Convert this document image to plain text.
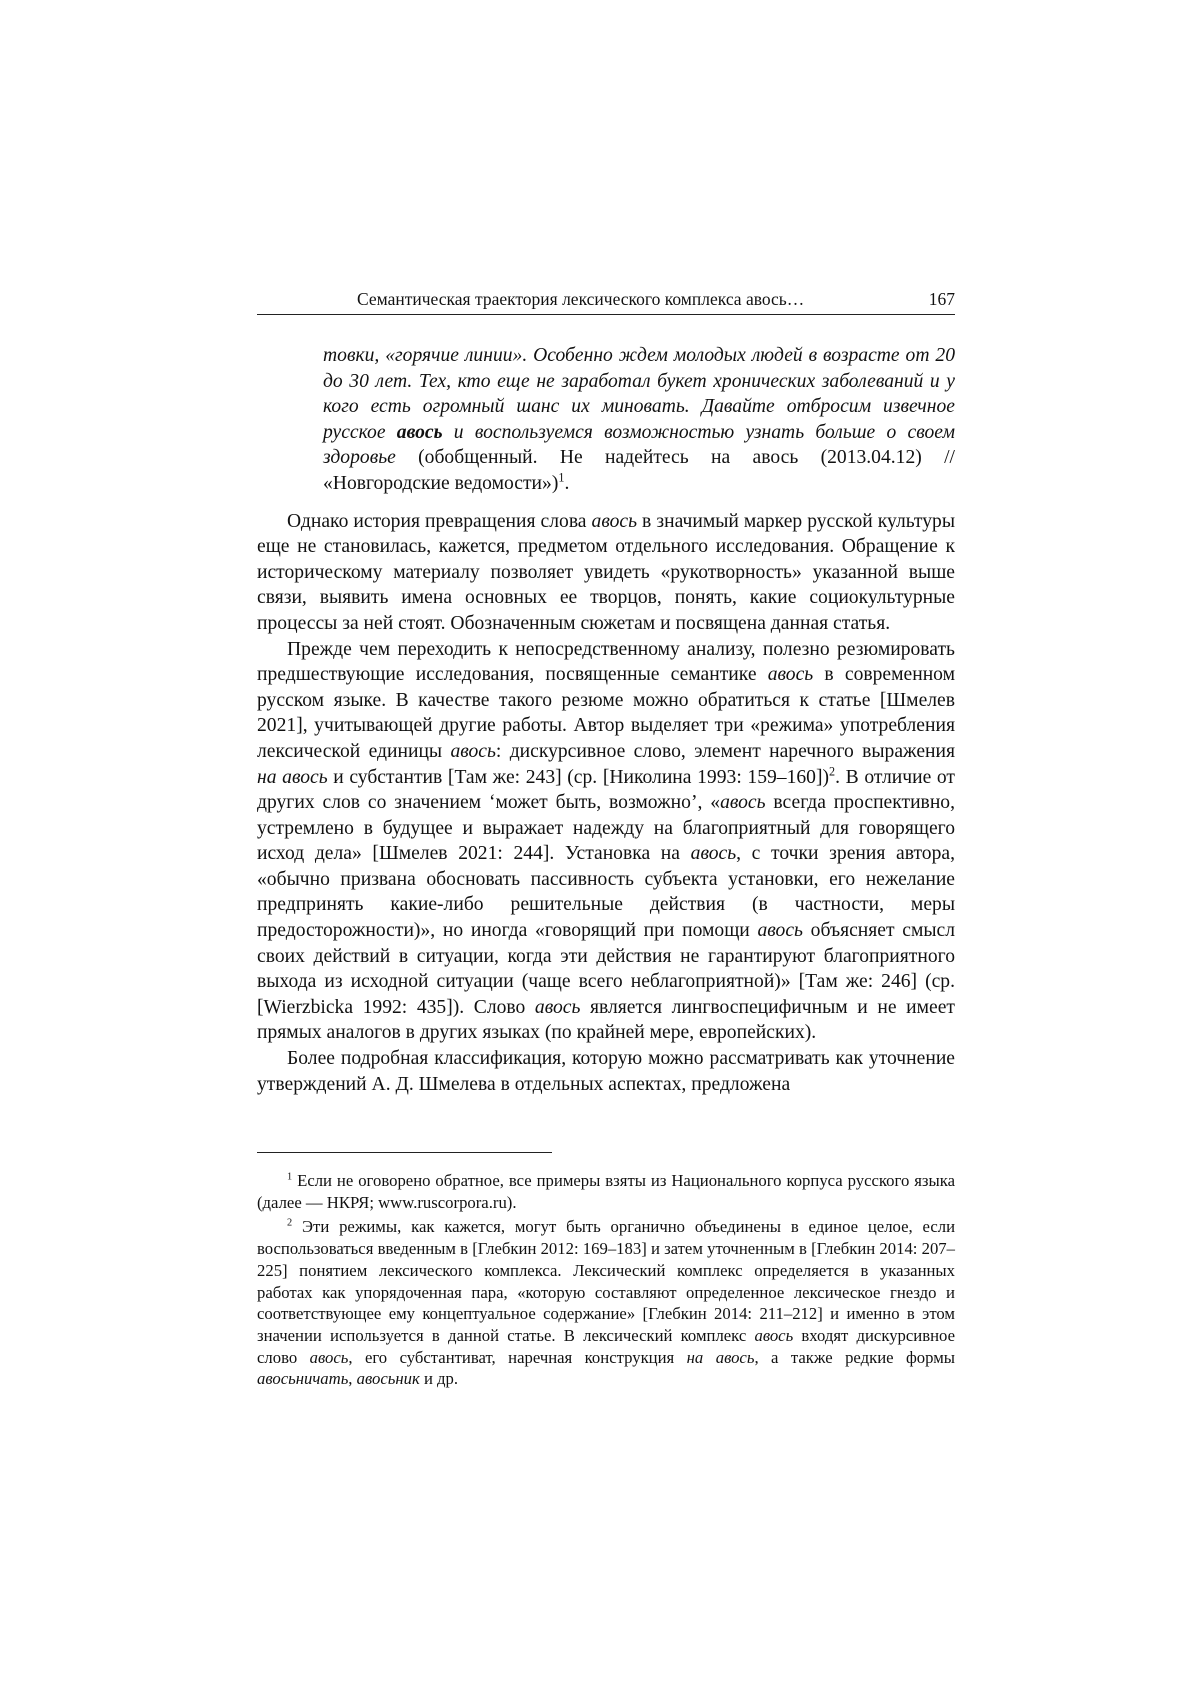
Семантическая траектория лексического комплекса авось…	167

товки, «горячие линии». Особенно ждем молодых людей в возрасте от 20 до 30 лет. Тех, кто еще не заработал букет хронических заболеваний и у кого есть огромный шанс их миновать. Давайте отбросим извечное русское авось и воспользуемся возможностью узнать больше о своем здоровье (обобщенный. Не надейтесь на авось (2013.04.12) // «Новгородские ведомости»)$^1$.

Однако история превращения слова авось в значимый маркер русской культуры еще не становилась, кажется, предметом отдельного исследования. Обращение к историческому материалу позволяет увидеть «рукотворность» указанной выше связи, выявить имена основных ее творцов, понять, какие социокультурные процессы за ней стоят. Обозначенным сюжетам и посвящена данная статья.

Прежде чем переходить к непосредственному анализу, полезно резюмировать предшествующие исследования, посвященные семантике авось в современном русском языке. В качестве такого резюме можно обратиться к статье [Шмелев 2021], учитывающей другие работы. Автор выделяет три «режима» употребления лексической единицы авось: дискурсивное слово, элемент наречного выражения на авось и субстантив [Там же: 243] (ср. [Николина 1993: 159–160])$^2$. В отличие от других слов со значением ‘может быть, возможно’, «авось всегда проспективно, устремлено в будущее и выражает надежду на благоприятный для говорящего исход дела» [Шмелев 2021: 244]. Установка на авось, с точки зрения автора, «обычно призвана обосновать пассивность субъекта установки, его нежелание предпринять какие-либо решительные действия (в частности, меры предосторожности)», но иногда «говорящий при помощи авось объясняет смысл своих действий в ситуации, когда эти действия не гарантируют благоприятного выхода из исходной ситуации (чаще всего неблагоприятной)» [Там же: 246] (ср. [Wierzbicka 1992: 435]). Слово авось является лингвоспецифичным и не имеет прямых аналогов в других языках (по крайней мере, европейских).

Более подробная классификация, которую можно рассматривать как уточнение утверждений А. Д. Шмелева в отдельных аспектах, предложена

$^1$ Если не оговорено обратное, все примеры взяты из Национального корпуса русского языка (далее — НКРЯ; www.ruscorpora.ru).

$^2$ Эти режимы, как кажется, могут быть органично объединены в единое целое, если воспользоваться введенным в [Глебкин 2012: 169–183] и затем уточненным в [Глебкин 2014: 207–225] понятием лексического комплекса. Лексический комплекс определяется в указанных работах как упорядоченная пара, «которую составляют определенное лексическое гнездо и соответствующее ему концептуальное содержание» [Глебкин 2014: 211–212] и именно в этом значении используется в данной статье. В лексический комплекс авось входят дискурсивное слово авось, его субстантиват, наречная конструкция на авось, а также редкие формы авосьничать, авосьник и др.
